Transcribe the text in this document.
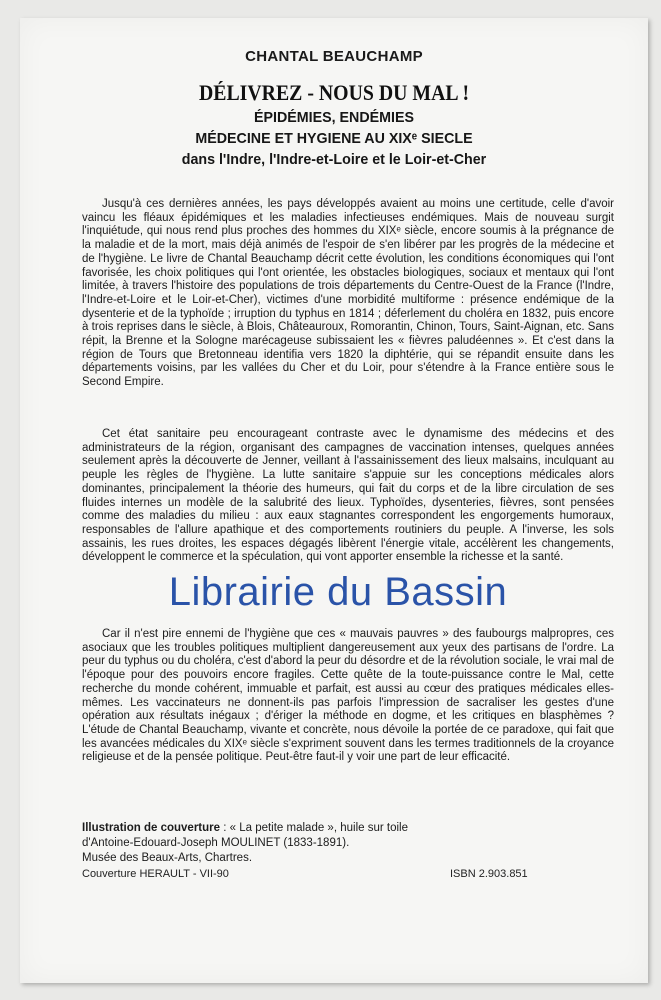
CHANTAL BEAUCHAMP
DÉLIVREZ - NOUS DU MAL !
ÉPIDÉMIES, ENDÉMIES
MÉDECINE ET HYGIENE AU XIXᵉ SIECLE
dans l'Indre, l'Indre-et-Loire et le Loir-et-Cher

Jusqu'à ces dernières années, les pays développés avaient au moins une certitude, celle d'avoir vaincu les fléaux épidémiques et les maladies infectieuses endémiques. Mais de nouveau surgit l'inquiétude, qui nous rend plus proches des hommes du XIXᵉ siècle, encore soumis à la prégnance de la maladie et de la mort, mais déjà animés de l'espoir de s'en libérer par les progrès de la médecine et de l'hygiène. Le livre de Chantal Beauchamp décrit cette évolution, les conditions économiques qui l'ont favorisée, les choix politiques qui l'ont orientée, les obstacles biologiques, sociaux et mentaux qui l'ont limitée, à travers l'histoire des populations de trois départements du Centre-Ouest de la France (l'Indre, l'Indre-et-Loire et le Loir-et-Cher), victimes d'une morbidité multiforme : présence endémique de la dysenterie et de la typhoïde ; irruption du typhus en 1814 ; déferlement du choléra en 1832, puis encore à trois reprises dans le siècle, à Blois, Châteauroux, Romorantin, Chinon, Tours, Saint-Aignan, etc. Sans répit, la Brenne et la Sologne marécageuse subissaient les « fièvres paludéennes ». Et c'est dans la région de Tours que Bretonneau identifia vers 1820 la diphtérie, qui se répandit ensuite dans les départements voisins, par les vallées du Cher et du Loir, pour s'étendre à la France entière sous le Second Empire.

Cet état sanitaire peu encourageant contraste avec le dynamisme des médecins et des administrateurs de la région, organisant des campagnes de vaccination intenses, quelques années seulement après la découverte de Jenner, veillant à l'assainissement des lieux malsains, inculquant au peuple les règles de l'hygiène. La lutte sanitaire s'appuie sur les conceptions médicales alors dominantes, principalement la théorie des humeurs, qui fait du corps et de la libre circulation de ses fluides internes un modèle de la salubrité des lieux. Typhoïdes, dysenteries, fièvres, sont pensées comme des maladies du milieu : aux eaux stagnantes correspondent les engorgements humoraux, responsables de l'allure apathique et des comportements routiniers du peuple. A l'inverse, les sols assainis, les rues droites, les espaces dégagés libèrent l'énergie vitale, accélèrent les changements, développent le commerce et la spéculation, qui vont apporter ensemble la richesse et la santé.

Car il n'est pire ennemi de l'hygiène que ces « mauvais pauvres » des faubourgs malpropres, ces asociaux que les troubles politiques multiplient dangereusement aux yeux des partisans de l'ordre. La peur du typhus ou du choléra, c'est d'abord la peur du désordre et de la révolution sociale, le vrai mal de l'époque pour des pouvoirs encore fragiles. Cette quête de la toute-puissance contre le Mal, cette recherche du monde cohérent, immuable et parfait, est aussi au cœur des pratiques médicales elles-mêmes. Les vaccinateurs ne donnent-ils pas parfois l'impression de sacraliser les gestes d'une opération aux résultats inégaux ; d'ériger la méthode en dogme, et les critiques en blasphèmes ? L'étude de Chantal Beauchamp, vivante et concrète, nous dévoile la portée de ce paradoxe, qui fait que les avancées médicales du XIXᵉ siècle s'expriment souvent dans les termes traditionnels de la croyance religieuse et de la pensée politique. Peut-être faut-il y voir une part de leur efficacité.

Illustration de couverture : « La petite malade », huile sur toile
d'Antoine-Edouard-Joseph MOULINET (1833-1891).
Musée des Beaux-Arts, Chartres.
Couverture HERAULT - VII-90	ISBN 2.903.851
Librairie du Bassin
